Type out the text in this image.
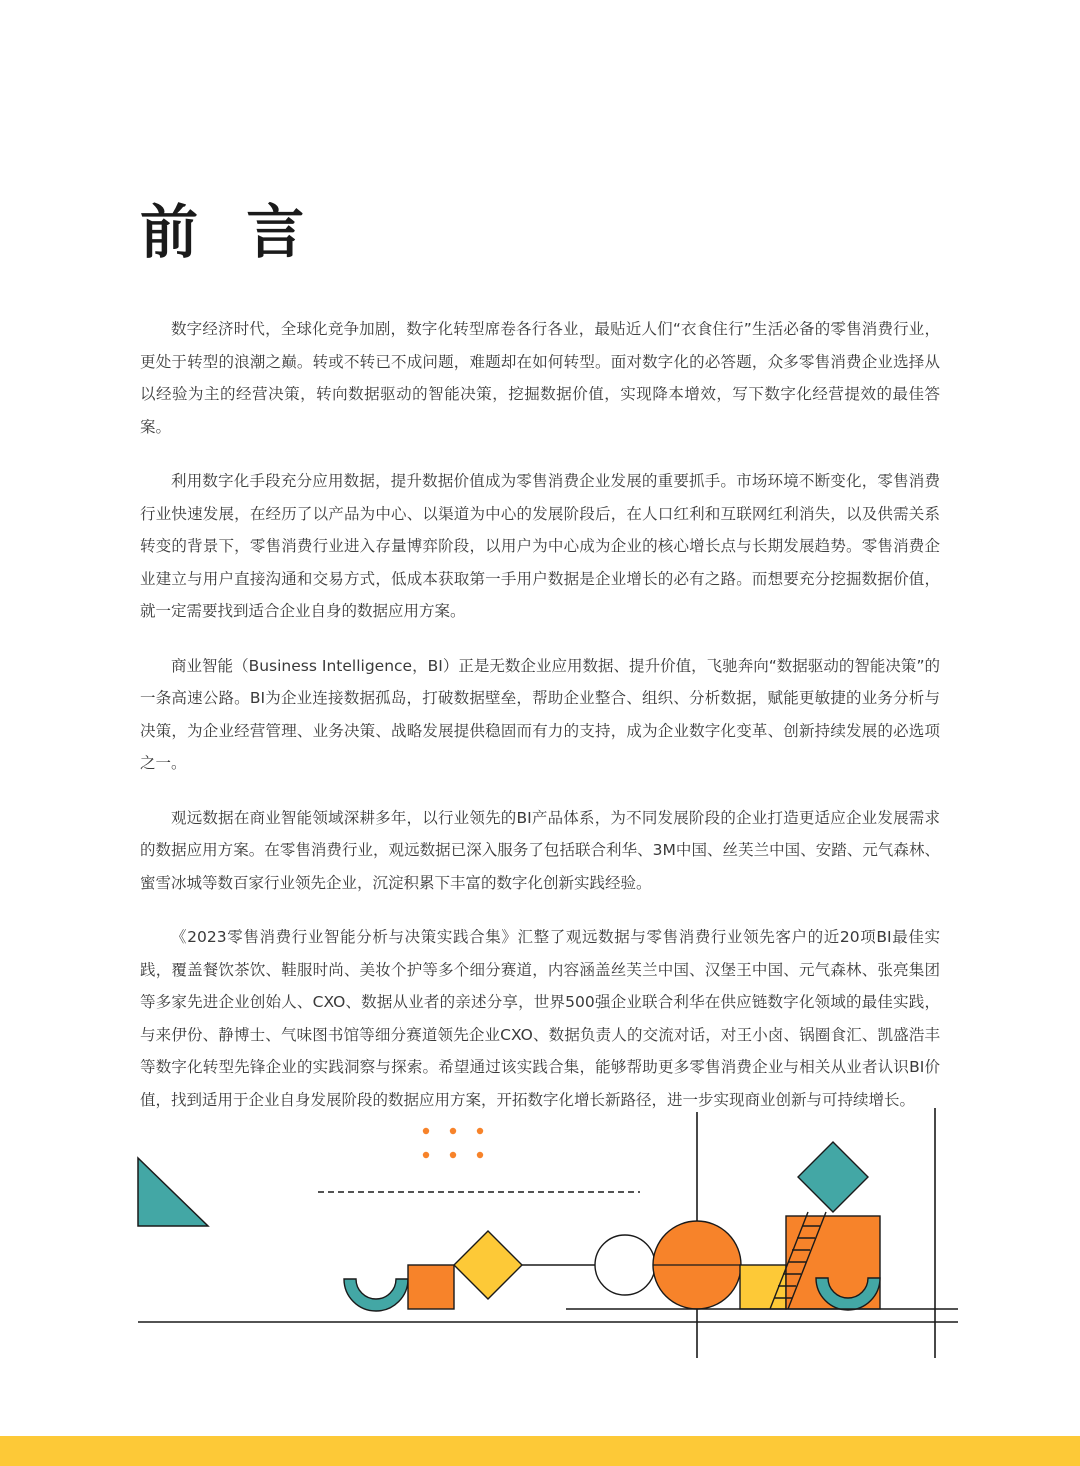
前 言

数字经济时代，全球化竞争加剧，数字化转型席卷各行各业，最贴近人们“衣食住行”生活必备的零售消费行业，更处于转型的浪潮之巅。转或不转已不成问题，难题却在如何转型。面对数字化的必答题，众多零售消费企业选择从以经验为主的经营决策，转向数据驱动的智能决策，挖掘数据价值，实现降本增效，写下数字化经营提效的最佳答案。

利用数字化手段充分应用数据，提升数据价值成为零售消费企业发展的重要抓手。市场环境不断变化，零售消费行业快速发展，在经历了以产品为中心、以渠道为中心的发展阶段后，在人口红利和互联网红利消失，以及供需关系转变的背景下，零售消费行业进入存量博弈阶段，以用户为中心成为企业的核心增长点与长期发展趋势。零售消费企业建立与用户直接沟通和交易方式，低成本获取第一手用户数据是企业增长的必有之路。而想要充分挖掘数据价值，就一定需要找到适合企业自身的数据应用方案。

商业智能（Business Intelligence，BI）正是无数企业应用数据、提升价值，飞驰奔向“数据驱动的智能决策”的一条高速公路。BI为企业连接数据孤岛，打破数据壁垒，帮助企业整合、组织、分析数据，赋能更敏捷的业务分析与决策，为企业经营管理、业务决策、战略发展提供稳固而有力的支持，成为企业数字化变革、创新持续发展的必选项之一。

观远数据在商业智能领域深耕多年，以行业领先的BI产品体系，为不同发展阶段的企业打造更适应企业发展需求的数据应用方案。在零售消费行业，观远数据已深入服务了包括联合利华、3M中国、丝芙兰中国、安踏、元气森林、蜜雪冰城等数百家行业领先企业，沉淀积累下丰富的数字化创新实践经验。

《2023零售消费行业智能分析与决策实践合集》汇整了观远数据与零售消费行业领先客户的近20项BI最佳实践，覆盖餐饮茶饮、鞋服时尚、美妆个护等多个细分赛道，内容涵盖丝芙兰中国、汉堡王中国、元气森林、张亮集团等多家先进企业创始人、CXO、数据从业者的亲述分享，世界500强企业联合利华在供应链数字化领域的最佳实践，与来伊份、静博士、气味图书馆等细分赛道领先企业CXO、数据负责人的交流对话，对王小卤、锅圈食汇、凯盛浩丰等数字化转型先锋企业的实践洞察与探索。希望通过该实践合集，能够帮助更多零售消费企业与相关从业者认识BI价值，找到适用于企业自身发展阶段的数据应用方案，开拓数字化增长新路径，进一步实现商业创新与可持续增长。
